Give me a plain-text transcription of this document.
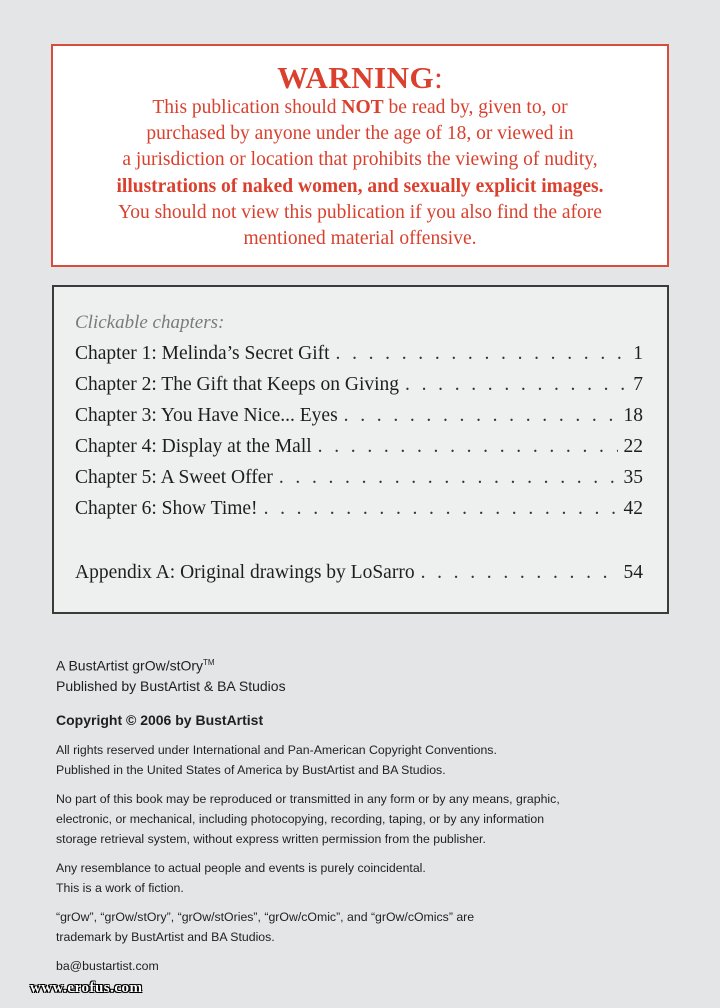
WARNING:
This publication should NOT be read by, given to, or
purchased by anyone under the age of 18, or viewed in
a jurisdiction or location that prohibits the viewing of nudity,
illustrations of naked women, and sexually explicit images.
You should not view this publication if you also find the afore
mentioned material offensive.
Clickable chapters:
Chapter 1: Melinda’s Secret Gift . . .	1
Chapter 2: The Gift that Keeps on Giving . . .	7
Chapter 3: You Have Nice... Eyes . . .	18
Chapter 4: Display at the Mall . . .	22
Chapter 5: A Sweet Offer . . .	35
Chapter 6: Show Time! . . .	42
Appendix A: Original drawings by LoSarro . . .	54
A BustArtist grOw/stOry™
Published by BustArtist & BA Studios
Copyright © 2006 by BustArtist
All rights reserved under International and Pan-American Copyright Conventions.
Published in the United States of America by BustArtist and BA Studios.
No part of this book may be reproduced or transmitted in any form or by any means, graphic,
electronic, or mechanical, including photocopying, recording, taping, or by any information
storage retrieval system, without express written permission from the publisher.
Any resemblance to actual people and events is purely coincidental.
This is a work of fiction.
“grOw”, “grOw/stOry”, “grOw/stOries”, “grOw/cOmic”, and “grOw/cOmics” are
trademark by BustArtist and BA Studios.
ba@bustartist.com
www.erofus.com
